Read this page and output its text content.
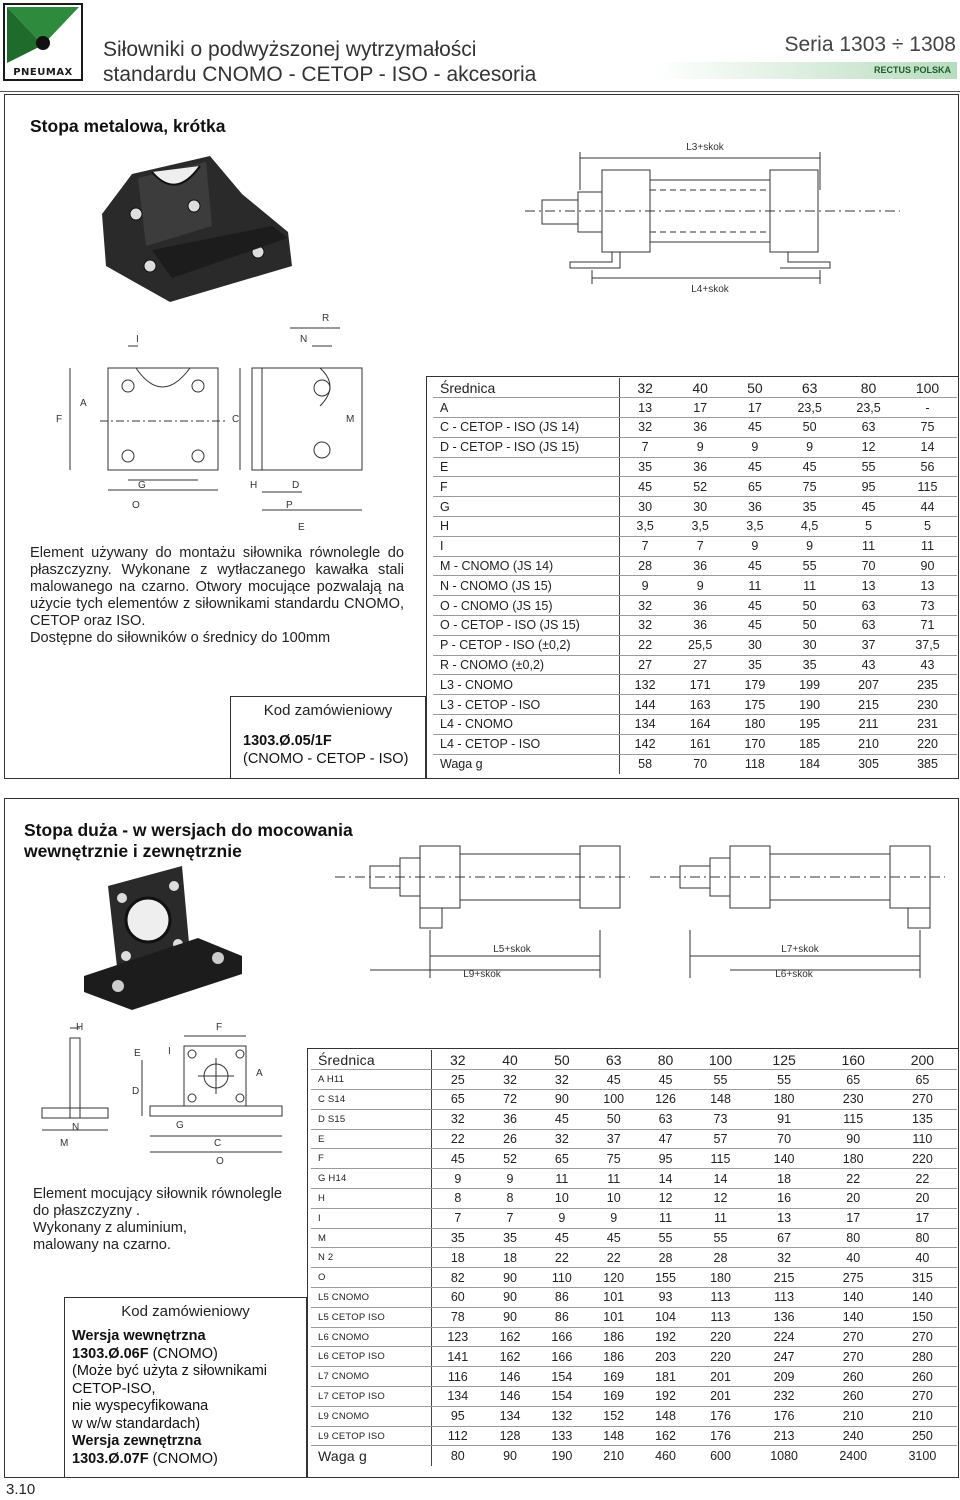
PNEUMAX
Siłowniki o podwyższonej wytrzymałości
standardu CNOMO - CETOP - ISO - akcesoria
Seria 1303 ÷ 1308
RECTUS POLSKA
Stopa metalowa, krótka
L3+skok
L4+skok
R
N
I
F
A
C	M
G
O
H	D
P
E

Element używany do montażu siłownika równolegle do płaszczyzny. Wykonane z wytłaczanego kawałka stali malowanego na czarno. Otwory mocujące pozwalają na użycie tych elementów z siłownikami standardu CNOMO, CETOP oraz ISO.

Dostępne do siłowników o średnicy do 100mm

Kod zamówieniowy
1303.Ø.05/1F
(CNOMO - CETOP - ISO)
Średnica	32	40	50	63	80	100
A	13	17	17	23,5	23,5	-
C - CETOP - ISO (JS 14)	32	36	45	50	63	75
D - CETOP - ISO (JS 15)	7	9	9	9	12	14
E	35	36	45	45	55	56
F	45	52	65	75	95	115
G	30	30	36	35	45	44
H	3,5	3,5	3,5	4,5	5	5
I	7	7	9	9	11	11
M - CNOMO (JS 14)	28	36	45	55	70	90
N - CNOMO (JS 15)	9	9	11	11	13	13
O - CNOMO (JS 15)	32	36	45	50	63	73
O - CETOP - ISO (JS 15)	32	36	45	50	63	71
P - CETOP - ISO (±0,2)	22	25,5	30	30	37	37,5
R - CNOMO (±0,2)	27	27	35	35	43	43
L3 - CNOMO	132	171	179	199	207	235
L3 - CETOP - ISO	144	163	175	190	215	230
L4 - CNOMO	134	164	180	195	211	231
L4 - CETOP - ISO	142	161	170	185	210	220
Waga g	58	70	118	184	305	385
Stopa duża - w wersjach do mocowania
wewnętrznie i zewnętrznie
L5+skok
L9+skok
L7+skok
L6+skok
H	F
E	I
D
A
N
M
G
C
O

Element mocujący siłownik równolegle

do płaszczyzny .

Wykonany z aluminium,

malowany na czarno.

Kod zamówieniowy
Wersja wewnętrzna
1303.Ø.06F (CNOMO)
(Może być użyta z siłownikami
CETOP-ISO,
nie wyspecyfikowana
w w/w standardach)
Wersja zewnętrzna
1303.Ø.07F (CNOMO)
Średnica	32	40	50	63	80	100	125	160	200
A H11	25	32	32	45	45	55	55	65	65
C S14	65	72	90	100	126	148	180	230	270
D S15	32	36	45	50	63	73	91	115	135
E	22	26	32	37	47	57	70	90	110
F	45	52	65	75	95	115	140	180	220
G H14	9	9	11	11	14	14	18	22	22
H	8	8	10	10	12	12	16	20	20
I	7	7	9	9	11	11	13	17	17
M	35	35	45	45	55	55	67	80	80
N 2	18	18	22	22	28	28	32	40	40
O	82	90	110	120	155	180	215	275	315
L5 CNOMO	60	90	86	101	93	113	113	140	140
L5 CETOP ISO	78	90	86	101	104	113	136	140	150
L6 CNOMO	123	162	166	186	192	220	224	270	270
L6 CETOP ISO	141	162	166	186	203	220	247	270	280
L7 CNOMO	116	146	154	169	181	201	209	260	260
L7 CETOP ISO	134	146	154	169	192	201	232	260	270
L9 CNOMO	95	134	132	152	148	176	176	210	210
L9 CETOP ISO	112	128	133	148	162	176	213	240	250
Waga g	80	90	190	210	460	600	1080	2400	3100
3.10
